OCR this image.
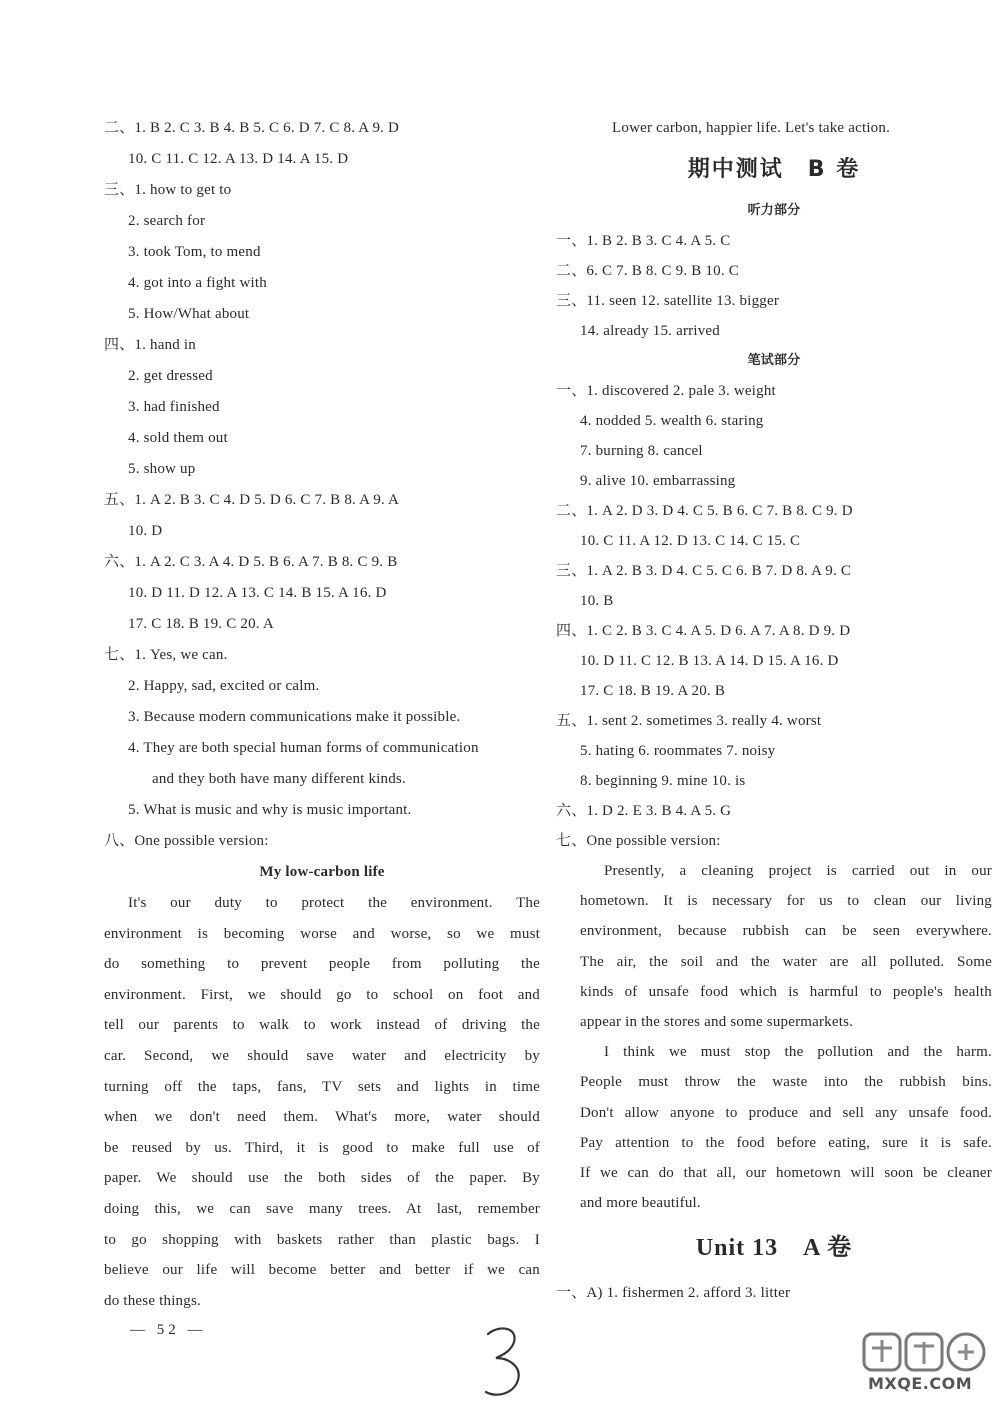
二、1. B 2. C 3. B 4. B 5. C 6. D 7. C 8. A 9. D
10. C 11. C 12. A 13. D 14. A 15. D
三、1. how to get to
2. search for
3. took Tom, to mend
4. got into a fight with
5. How/What about
四、1. hand in
2. get dressed
3. had finished
4. sold them out
5. show up
五、1. A 2. B 3. C 4. D 5. D 6. C 7. B 8. A 9. A
10. D
六、1. A 2. C 3. A 4. D 5. B 6. A 7. B 8. C 9. B
10. D 11. D 12. A 13. C 14. B 15. A 16. D
17. C 18. B 19. C 20. A
七、1. Yes, we can.
2. Happy, sad, excited or calm.
3. Because modern communications make it possible.
4. They are both special human forms of communication
and they both have many different kinds.
5. What is music and why is music important.
八、One possible version:
My low-carbon life
It's our duty to protect the environment. The
environment is becoming worse and worse, so we must
do something to prevent people from polluting the
environment. First, we should go to school on foot and
tell our parents to walk to work instead of driving the
car. Second, we should save water and electricity by
turning off the taps, fans, TV sets and lights in time
when we don't need them. What's more, water should
be reused by us. Third, it is good to make full use of
paper. We should use the both sides of the paper. By
doing this, we can save many trees. At last, remember
to go shopping with baskets rather than plastic bags. I
believe our life will become better and better if we can
do these things.
Lower carbon, happier life. Let's take action.
期中测试　B 卷
听力部分
一、1. B 2. B 3. C 4. A 5. C
二、6. C 7. B 8. C 9. B 10. C
三、11. seen 12. satellite 13. bigger
14. already 15. arrived
笔试部分
一、1. discovered 2. pale 3. weight
4. nodded 5. wealth 6. staring
7. burning 8. cancel
9. alive 10. embarrassing
二、1. A 2. D 3. D 4. C 5. B 6. C 7. B 8. C 9. D
10. C 11. A 12. D 13. C 14. C 15. C
三、1. A 2. B 3. D 4. C 5. C 6. B 7. D 8. A 9. C
10. B
四、1. C 2. B 3. C 4. A 5. D 6. A 7. A 8. D 9. D
10. D 11. C 12. B 13. A 14. D 15. A 16. D
17. C 18. B 19. A 20. B
五、1. sent 2. sometimes 3. really 4. worst
5. hating 6. roommates 7. noisy
8. beginning 9. mine 10. is
六、1. D 2. E 3. B 4. A 5. G
七、One possible version:
Presently, a cleaning project is carried out in our
hometown. It is necessary for us to clean our living
environment, because rubbish can be seen everywhere.
The air, the soil and the water are all polluted. Some
kinds of unsafe food which is harmful to people's health
appear in the stores and some supermarkets.
I think we must stop the pollution and the harm.
People must throw the waste into the rubbish bins.
Don't allow anyone to produce and sell any unsafe food.
Pay attention to the food before eating, sure it is safe.
If we can do that all, our hometown will soon be cleaner
and more beautiful.
Unit 13　A 卷
一、A) 1. fishermen 2. afford 3. litter
— 52 —
MXQE.COM
